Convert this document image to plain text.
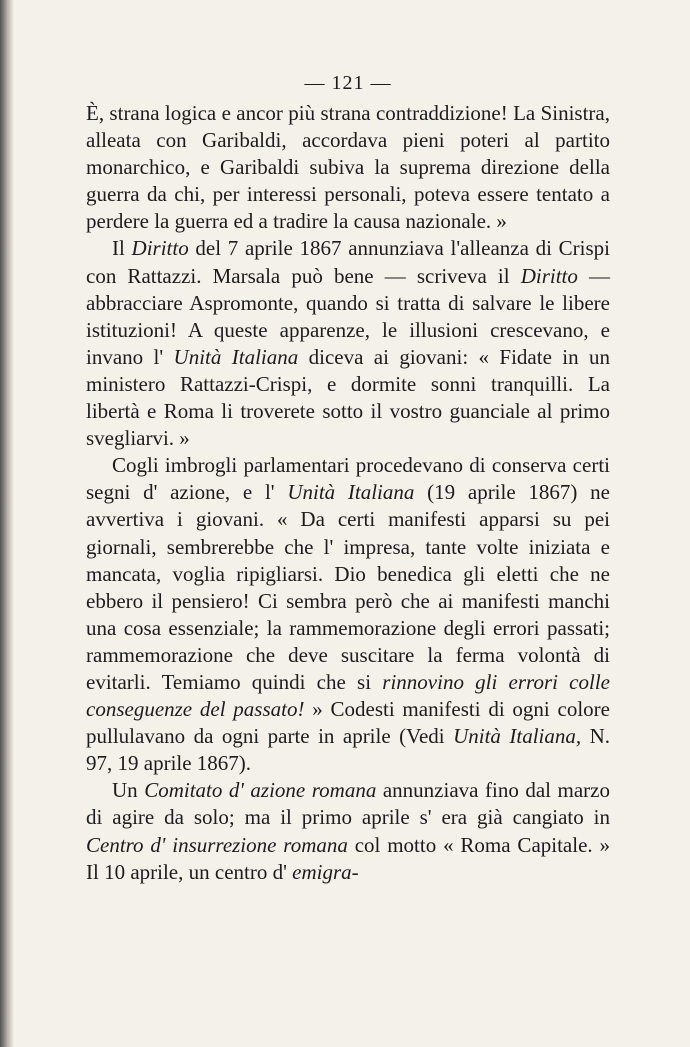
— 121 —

È, strana logica e ancor più strana contraddizione! La Sinistra, alleata con Garibaldi, accordava pieni poteri al partito monarchico, e Garibaldi subiva la suprema direzione della guerra da chi, per interessi personali, poteva essere tentato a perdere la guerra ed a tradire la causa nazionale. »

Il Diritto del 7 aprile 1867 annunziava l'alleanza di Crispi con Rattazzi. Marsala può bene — scriveva il Diritto — abbracciare Aspromonte, quando si tratta di salvare le libere istituzioni! A queste apparenze, le illusioni crescevano, e invano l' Unità Italiana diceva ai giovani: « Fidate in un ministero Rattazzi-Crispi, e dormite sonni tranquilli. La libertà e Roma li troverete sotto il vostro guanciale al primo svegliarvi. »

Cogli imbrogli parlamentari procedevano di conserva certi segni d' azione, e l' Unità Italiana (19 aprile 1867) ne avvertiva i giovani. « Da certi manifesti apparsi su pei giornali, sembrerebbe che l' impresa, tante volte iniziata e mancata, voglia ripigliarsi. Dio benedica gli eletti che ne ebbero il pensiero! Ci sembra però che ai manifesti manchi una cosa essenziale; la rammemorazione degli errori passati; rammemorazione che deve suscitare la ferma volontà di evitarli. Temiamo quindi che si rinnovino gli errori colle conseguenze del passato! » Codesti manifesti di ogni colore pullulavano da ogni parte in aprile (Vedi Unità Italiana, N. 97, 19 aprile 1867).

Un Comitato d' azione romana annunziava fino dal marzo di agire da solo; ma il primo aprile s' era già cangiato in Centro d' insurrezione romana col motto « Roma Capitale. » Il 10 aprile, un centro d' emigra-
